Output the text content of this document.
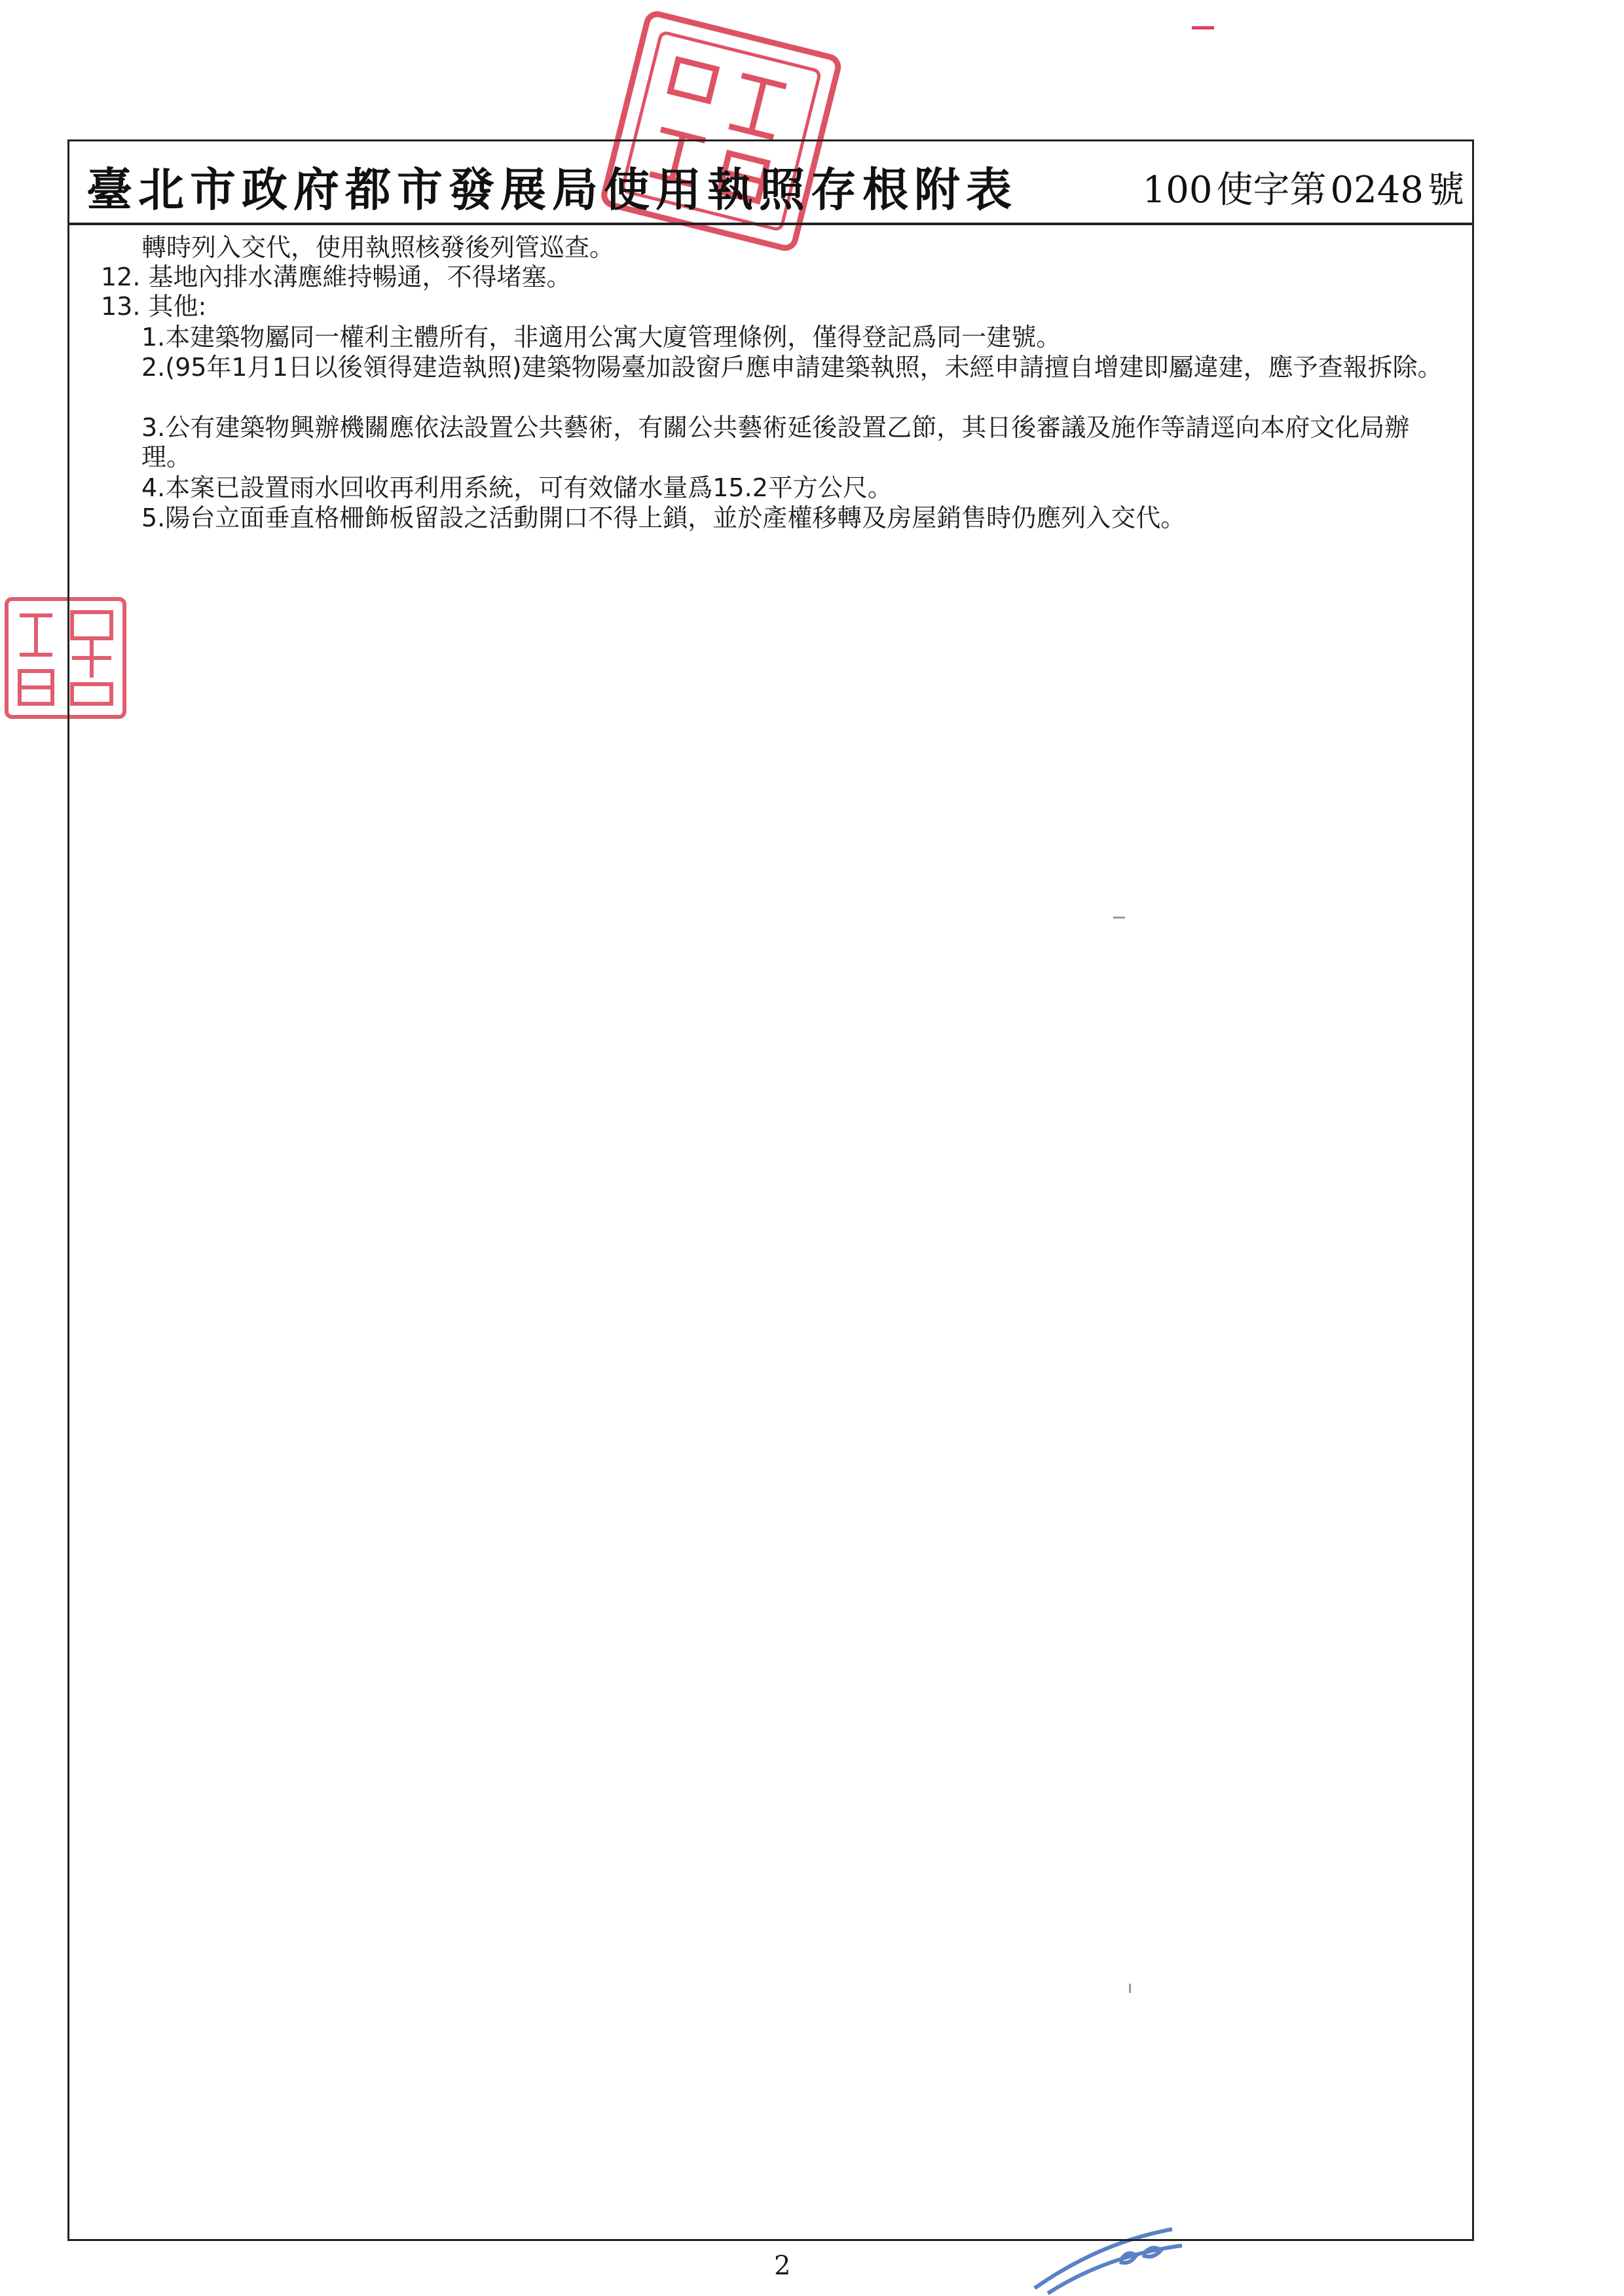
臺北市政府都市發展局使用執照存根附表	100 使字第 0248 號
轉時列入交代，使用執照核發後列管巡查。
12. 基地內排水溝應維持暢通，不得堵塞。
13. 其他:
1.本建築物屬同一權利主體所有，非適用公寓大廈管理條例，僅得登記爲同一建號。
2.(95年1月1日以後領得建造執照)建築物陽臺加設窗戶應申請建築執照，未經申請擅自增建即屬違建，應予查報拆除。
3.公有建築物興辦機關應依法設置公共藝術，有關公共藝術延後設置乙節，其日後審議及施作等請逕向本府文化局辦理。
4.本案已設置雨水回收再利用系統，可有效儲水量爲15.2平方公尺。
5.陽台立面垂直格柵飾板留設之活動開口不得上鎖，並於產權移轉及房屋銷售時仍應列入交代。
2
